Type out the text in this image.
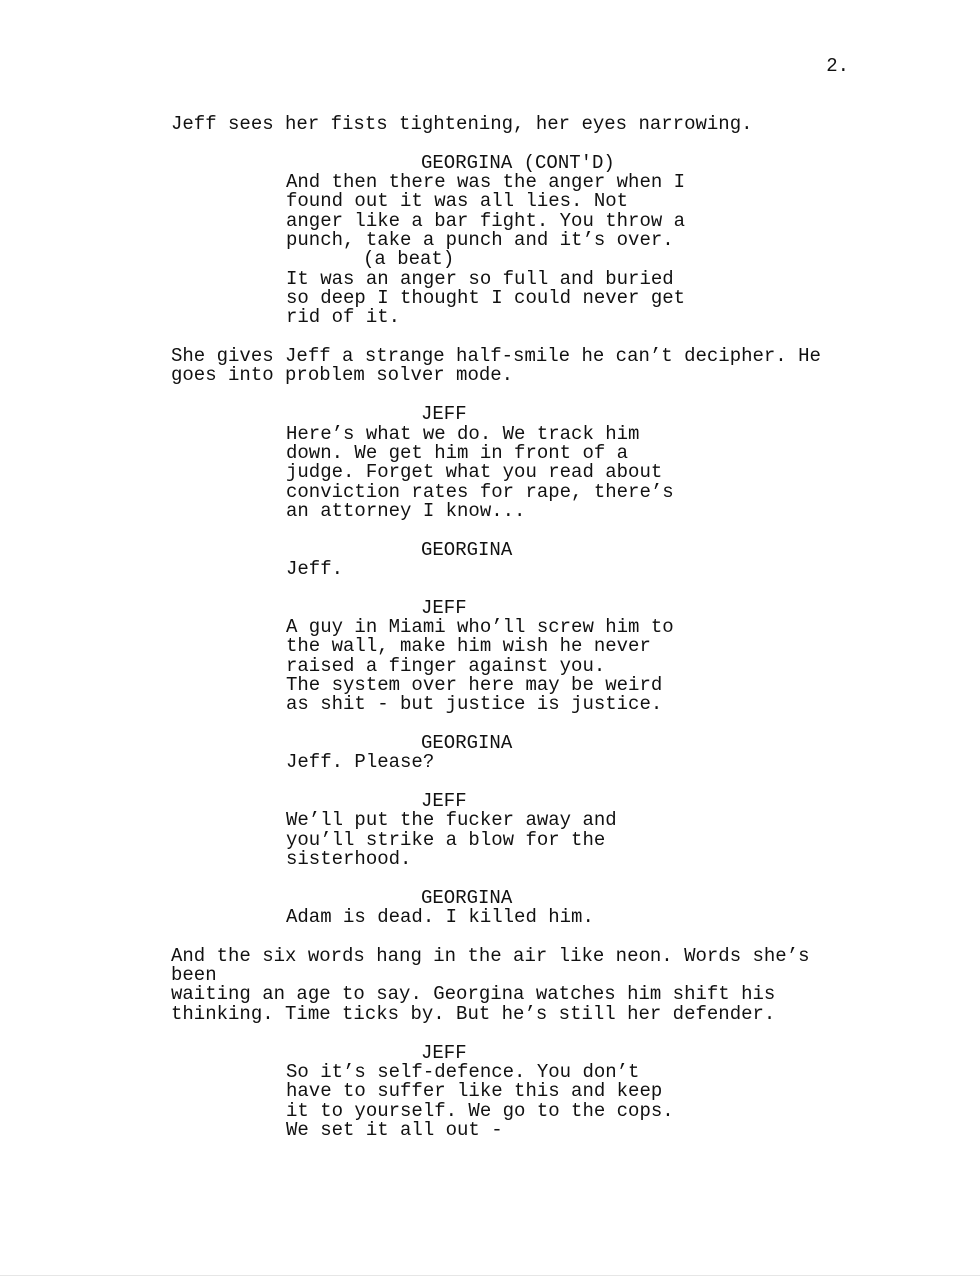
2.
Jeff sees her fists tightening, her eyes narrowing.
GEORGINA (CONT'D)
And then there was the anger when I
found out it was all lies. Not
anger like a bar fight. You throw a
punch, take a punch and it’s over.
(a beat)
It was an anger so full and buried
so deep I thought I could never get
rid of it.
She gives Jeff a strange half-smile he can’t decipher. He
goes into problem solver mode.
JEFF
Here’s what we do. We track him
down. We get him in front of a
judge. Forget what you read about
conviction rates for rape, there’s
an attorney I know...
GEORGINA
Jeff.
JEFF
A guy in Miami who’ll screw him to
the wall, make him wish he never
raised a finger against you.
The system over here may be weird
as shit - but justice is justice.
GEORGINA
Jeff. Please?
JEFF
We’ll put the fucker away and
you’ll strike a blow for the
sisterhood.
GEORGINA
Adam is dead. I killed him.
And the six words hang in the air like neon. Words she’s been
waiting an age to say. Georgina watches him shift his
thinking. Time ticks by. But he’s still her defender.
JEFF
So it’s self-defence. You don’t
have to suffer like this and keep
it to yourself. We go to the cops.
We set it all out -
